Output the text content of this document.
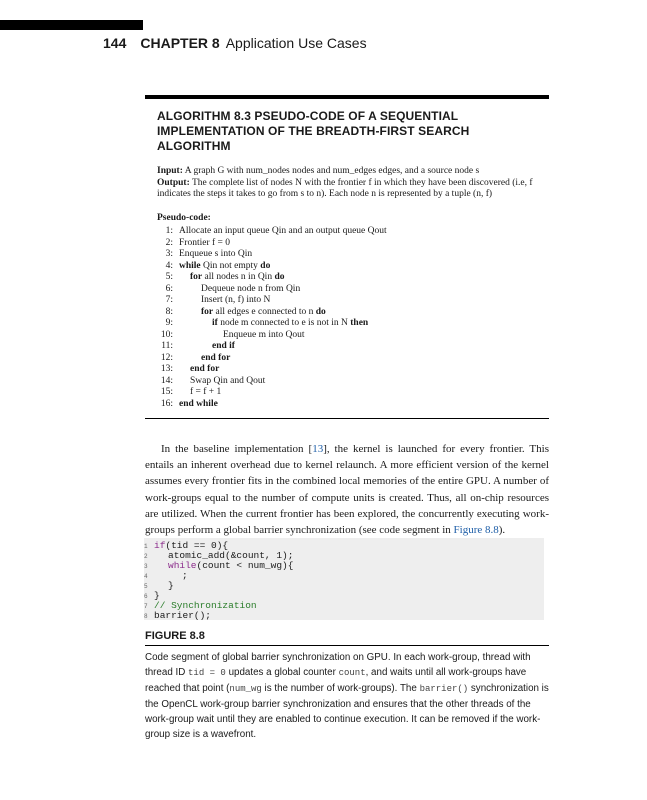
144 CHAPTER 8 Application Use Cases
ALGORITHM 8.3 PSEUDO-CODE OF A SEQUENTIAL IMPLEMENTATION OF THE BREADTH-FIRST SEARCH ALGORITHM

Input: A graph G with num_nodes nodes and num_edges edges, and a source node s

Output: The complete list of nodes N with the frontier f in which they have been discovered (i.e, f indicates the steps it takes to go from s to n). Each node n is represented by a tuple (n, f)

Pseudo-code:

1: Allocate an input queue Qin and an output queue Qout
2: Frontier f = 0
3: Enqueue s into Qin
4: while Qin not empty do
5:	for all nodes n in Qin do
6:	Dequeue node n from Qin
7:	Insert (n, f) into N
8:	for all edges e connected to n do
9:	if node m connected to e is not in N then
10:	Enqueue m into Qout
11:	end if
12:	end for
13:	end for
14:	Swap Qin and Qout
15:	f = f + 1
16: end while

In the baseline implementation [13], the kernel is launched for every frontier. This entails an inherent overhead due to kernel relaunch. A more efficient version of the kernel assumes every frontier fits in the combined local memories of the entire GPU. A number of work-groups equal to the number of compute units is created. Thus, all on-chip resources are utilized. When the current frontier has been explored, the concurrently executing work-groups perform a global barrier synchronization (see code segment in Figure 8.8).

1 if(tid == 0){
2 atomic_add(&count, 1);
3 while(count < num_wg){
4	;
5 }
6 }
7 // Synchronization
8 barrier();
FIGURE 8.8
Code segment of global barrier synchronization on GPU. In each work-group, thread with thread ID tid = 0 updates a global counter count, and waits until all work-groups have reached that point (num_wg is the number of work-groups). The barrier() synchronization is the OpenCL work-group barrier synchronization and ensures that the other threads of the work-group wait until they are enabled to continue execution. It can be removed if the work-group size is a wavefront.
